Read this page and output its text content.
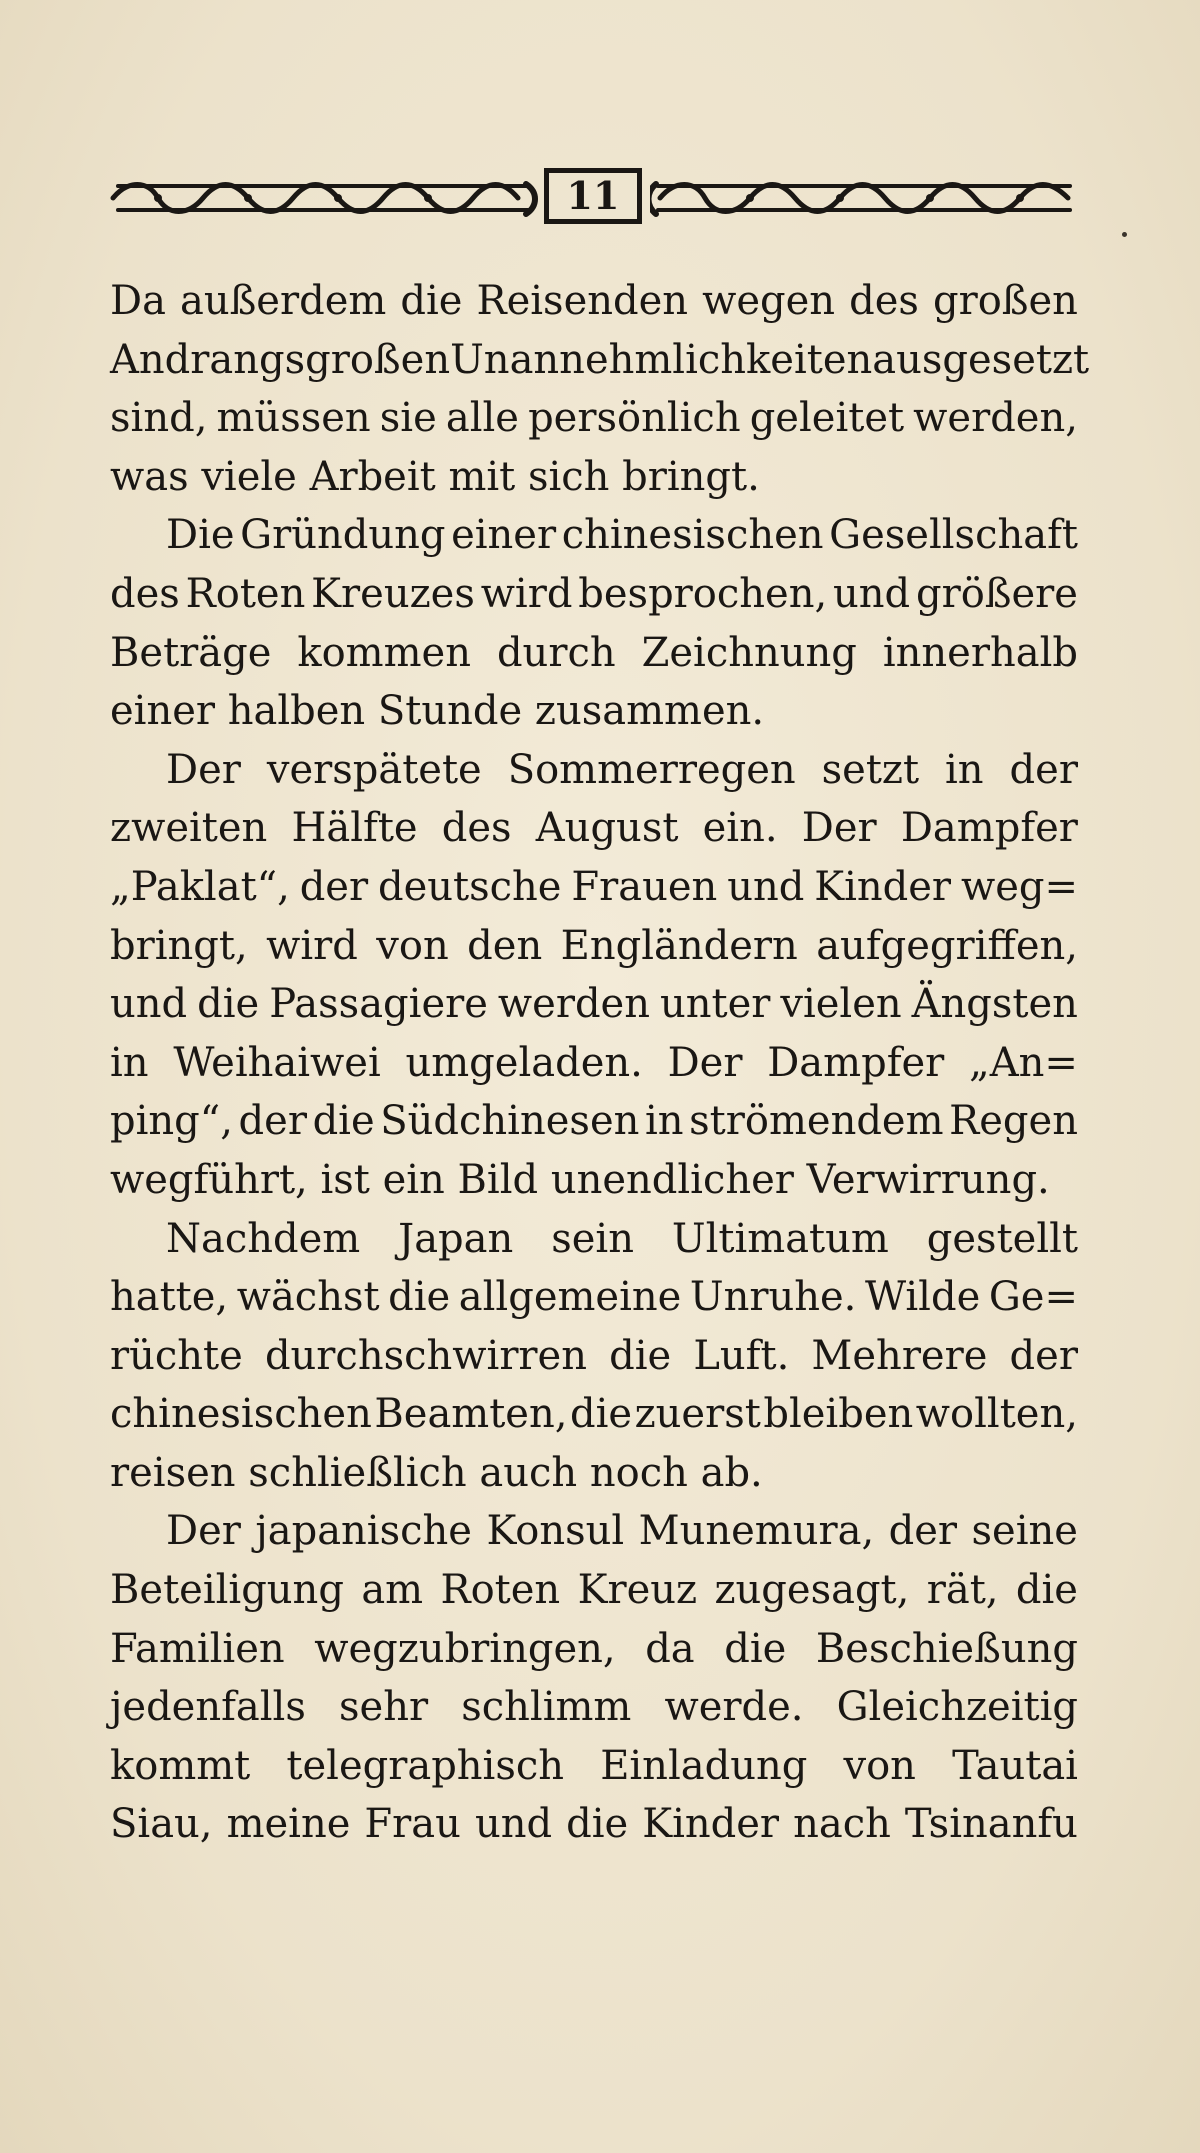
11
Da außerdem die Reisenden wegen des großen
Andrangs großen Unannehmlichkeiten ausgesetzt
sind, müssen sie alle persönlich geleitet werden,
was viele Arbeit mit sich bringt.
Die Gründung einer chinesischen Gesellschaft
des Roten Kreuzes wird besprochen, und größere
Beträge kommen durch Zeichnung innerhalb
einer halben Stunde zusammen.
Der verspätete Sommerregen setzt in der
zweiten Hälfte des August ein. Der Dampfer
„Paklat“, der deutsche Frauen und Kinder weg=
bringt, wird von den Engländern aufgegriffen,
und die Passagiere werden unter vielen Ängsten
in Weihaiwei umgeladen. Der Dampfer „An=
ping“, der die Südchinesen in strömendem Regen
wegführt, ist ein Bild unendlicher Verwirrung.
Nachdem Japan sein Ultimatum gestellt
hatte, wächst die allgemeine Unruhe. Wilde Ge=
rüchte durchschwirren die Luft. Mehrere der
chinesischen Beamten, die zuerst bleiben wollten,
reisen schließlich auch noch ab.
Der japanische Konsul Munemura, der seine
Beteiligung am Roten Kreuz zugesagt, rät, die
Familien wegzubringen, da die Beschießung
jedenfalls sehr schlimm werde. Gleichzeitig
kommt telegraphisch Einladung von Tautai
Siau, meine Frau und die Kinder nach Tsinanfu
